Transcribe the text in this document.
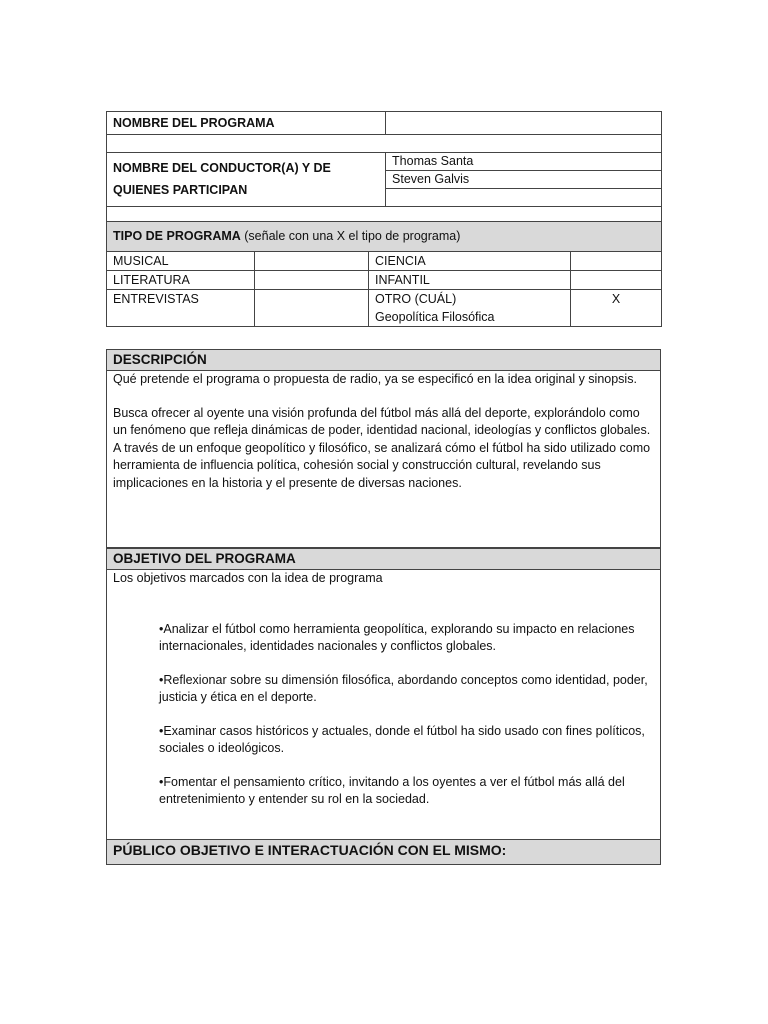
NOMBRE DEL PROGRAMA				

NOMBRE DEL CONDUCTOR(A) Y DE QUIENES PARTICIPAN			Thomas Santa	
			Steven Galvis	

TIPO DE PROGRAMA (señale con una X el tipo de programa)				
MUSICAL		CIENCIA		
LITERATURA		INFANTIL		
ENTREVISTAS		OTRO (CUÁL) Geopolítica Filosófica		X
DESCRIPCIÓN

Qué pretende el programa o propuesta de radio, ya se especificó en la idea original y sinopsis.

Busca ofrecer al oyente una visión profunda del fútbol más allá del deporte, explorándolo como un fenómeno que refleja dinámicas de poder, identidad nacional, ideologías y conflictos globales. A través de un enfoque geopolítico y filosófico, se analizará cómo el fútbol ha sido utilizado como herramienta de influencia política, cohesión social y construcción cultural, revelando sus implicaciones en la historia y el presente de diversas naciones.

OBJETIVO DEL PROGRAMA

Los objetivos marcados con la idea de programa

•Analizar el fútbol como herramienta geopolítica, explorando su impacto en relaciones internacionales, identidades nacionales y conflictos globales.

•Reflexionar sobre su dimensión filosófica, abordando conceptos como identidad, poder, justicia y ética en el deporte.

•Examinar casos históricos y actuales, donde el fútbol ha sido usado con fines políticos, sociales o ideológicos.

•Fomentar el pensamiento crítico, invitando a los oyentes a ver el fútbol más allá del entretenimiento y entender su rol en la sociedad.

PÚBLICO OBJETIVO E INTERACTUACIÓN CON EL MISMO:
